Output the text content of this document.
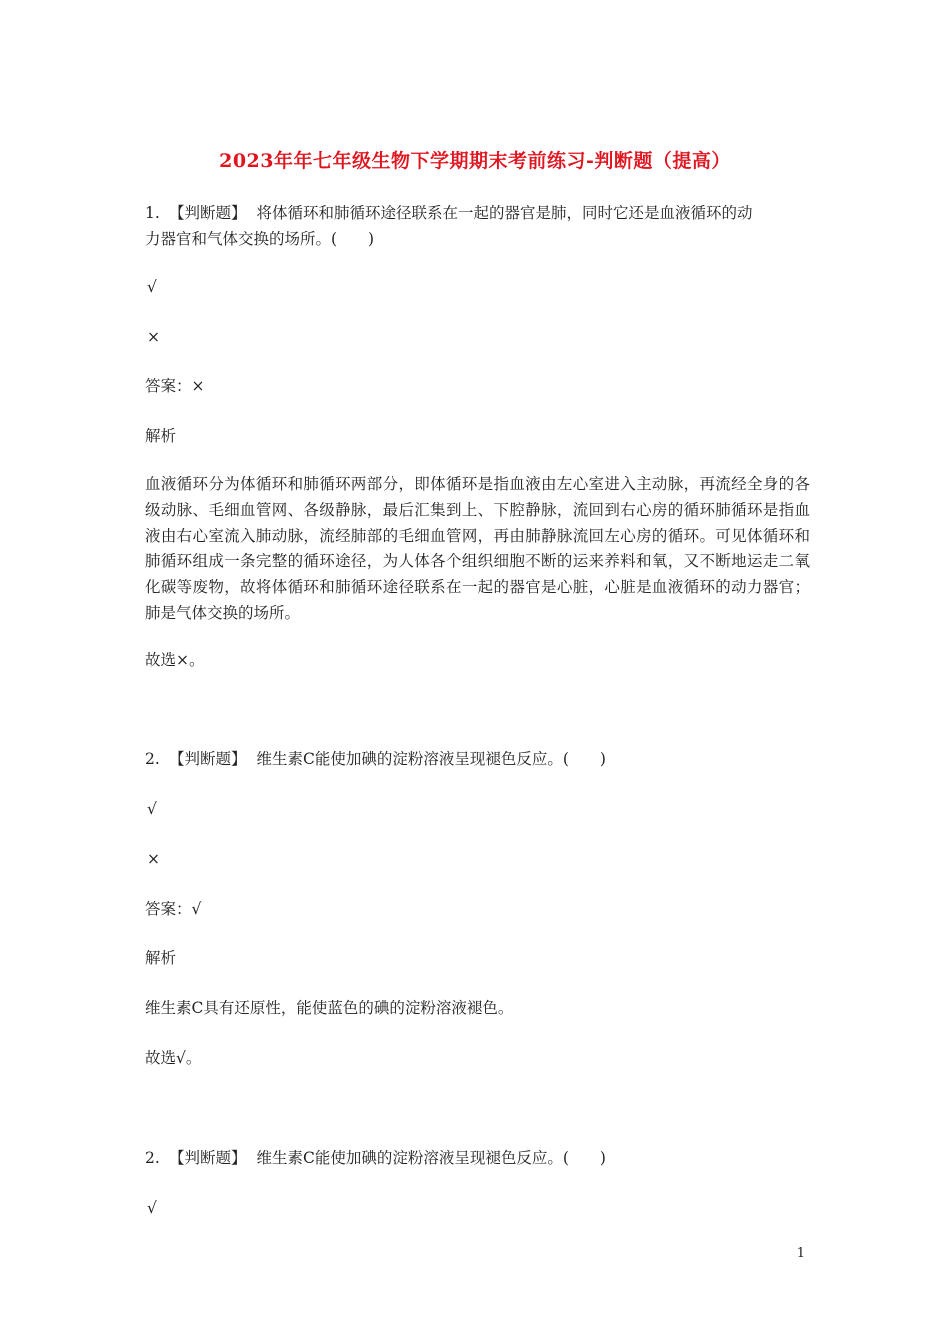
2023年年七年级生物下学期期末考前练习-判断题（提高）
1. 【判断题】 将体循环和肺循环途径联系在一起的器官是肺，同时它还是血液循环的动
力器官和气体交换的场所。(　　)
√
×
答案：×
解析
血液循环分为体循环和肺循环两部分，即体循环是指血液由左心室进入主动脉，再流经全身的各级动脉、毛细血管网、各级静脉，最后汇集到上、下腔静脉，流回到右心房的循环肺循环是指血液由右心室流入肺动脉，流经肺部的毛细血管网，再由肺静脉流回左心房的循环。可见体循环和肺循环组成一条完整的循环途径，为人体各个组织细胞不断的运来养料和氧，又不断地运走二氧化碳等废物，故将体循环和肺循环途径联系在一起的器官是心脏，心脏是血液循环的动力器官；肺是气体交换的场所。
故选×。
2. 【判断题】 维生素C能使加碘的淀粉溶液呈现褪色反应。(　　)
√
×
答案：√
解析
维生素C具有还原性，能使蓝色的碘的淀粉溶液褪色。
故选√。
2. 【判断题】 维生素C能使加碘的淀粉溶液呈现褪色反应。(　　)
√
1
